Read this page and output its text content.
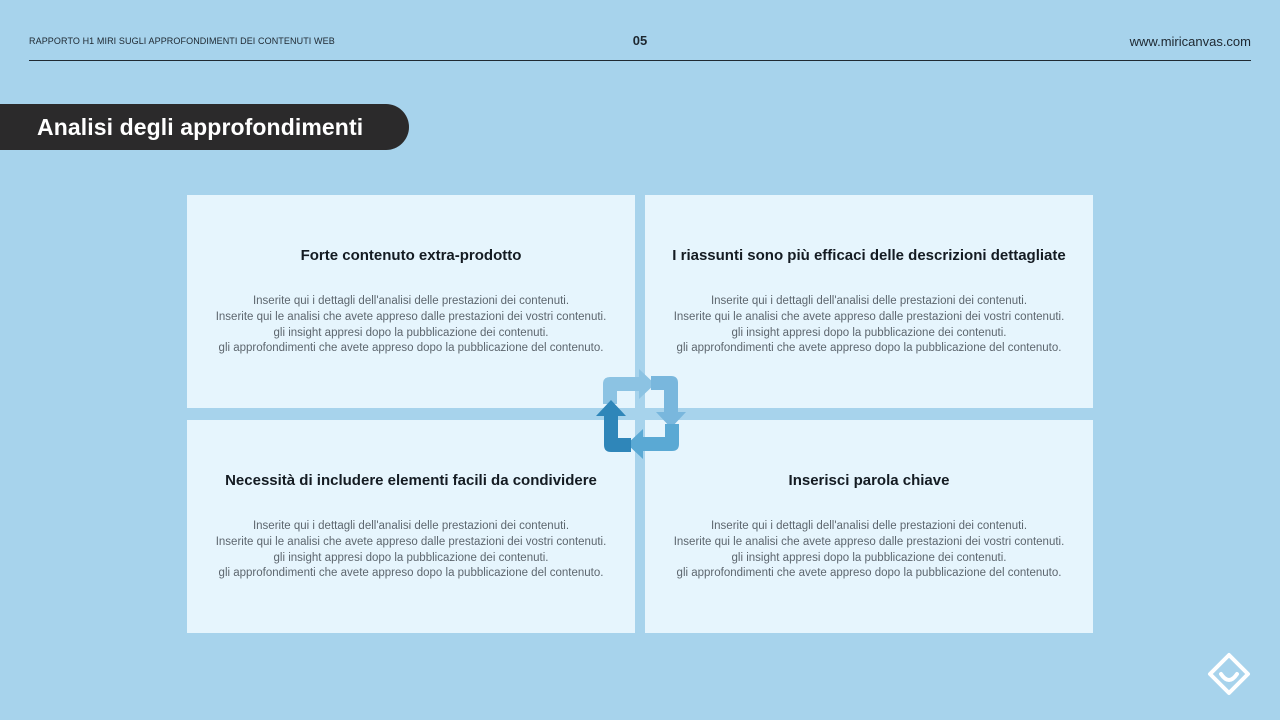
RAPPORTO H1 MIRI SUGLI APPROFONDIMENTI DEI CONTENUTI WEB	05	www.miricanvas.com
Analisi degli approfondimenti
Forte contenuto extra-prodotto
Inserite qui i dettagli dell'analisi delle prestazioni dei contenuti.
Inserite qui le analisi che avete appreso dalle prestazioni dei vostri contenuti.
gli insight appresi dopo la pubblicazione dei contenuti.
gli approfondimenti che avete appreso dopo la pubblicazione del contenuto.
I riassunti sono più efficaci delle descrizioni dettagliate
Inserite qui i dettagli dell'analisi delle prestazioni dei contenuti.
Inserite qui le analisi che avete appreso dalle prestazioni dei vostri contenuti.
gli insight appresi dopo la pubblicazione dei contenuti.
gli approfondimenti che avete appreso dopo la pubblicazione del contenuto.
Necessità di includere elementi facili da condividere
Inserite qui i dettagli dell'analisi delle prestazioni dei contenuti.
Inserite qui le analisi che avete appreso dalle prestazioni dei vostri contenuti.
gli insight appresi dopo la pubblicazione dei contenuti.
gli approfondimenti che avete appreso dopo la pubblicazione del contenuto.
Inserisci parola chiave
Inserite qui i dettagli dell'analisi delle prestazioni dei contenuti.
Inserite qui le analisi che avete appreso dalle prestazioni dei vostri contenuti.
gli insight appresi dopo la pubblicazione dei contenuti.
gli approfondimenti che avete appreso dopo la pubblicazione del contenuto.
